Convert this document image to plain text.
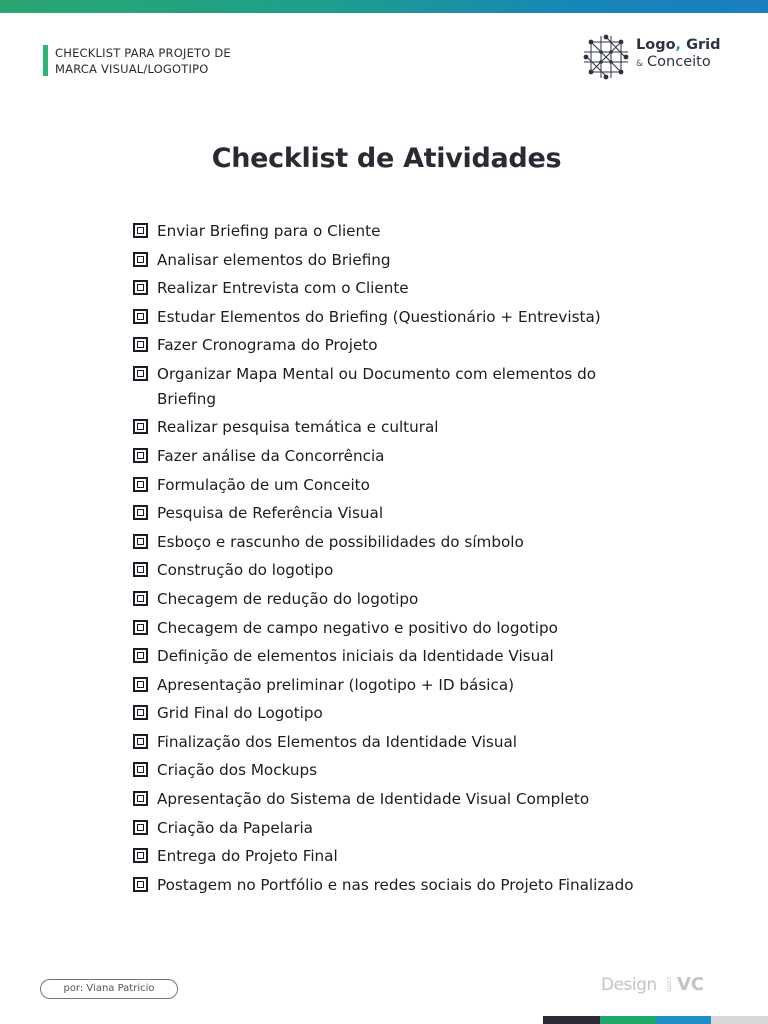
CHECKLIST PARA PROJETO DE
MARCA VISUAL/LOGOTIPO
Logo, Grid
& Conceito
Checklist de Atividades
Enviar Briefing para o Cliente
Analisar elementos do Briefing
Realizar Entrevista com o Cliente
Estudar Elementos do Briefing (Questionário + Entrevista)
Fazer Cronograma do Projeto
Organizar Mapa Mental ou Documento com elementos do Briefing
Realizar pesquisa temática e cultural
Fazer análise da Concorrência
Formulação de um Conceito
Pesquisa de Referência Visual
Esboço e rascunho de possibilidades do símbolo
Construção do logotipo
Checagem de redução do logotipo
Checagem de campo negativo e positivo do logotipo
Definição de elementos iniciais da Identidade Visual
Apresentação preliminar (logotipo + ID básica)
Grid Final do Logotipo
Finalização dos Elementos da Identidade Visual
Criação dos Mockups
Apresentação do Sistema de Identidade Visual Completo
Criação da Papelaria
Entrega do Projeto Final
Postagem no Portfólio e nas redes sociais do Projeto Finalizado
por: Viana Patricio	Design com VC
